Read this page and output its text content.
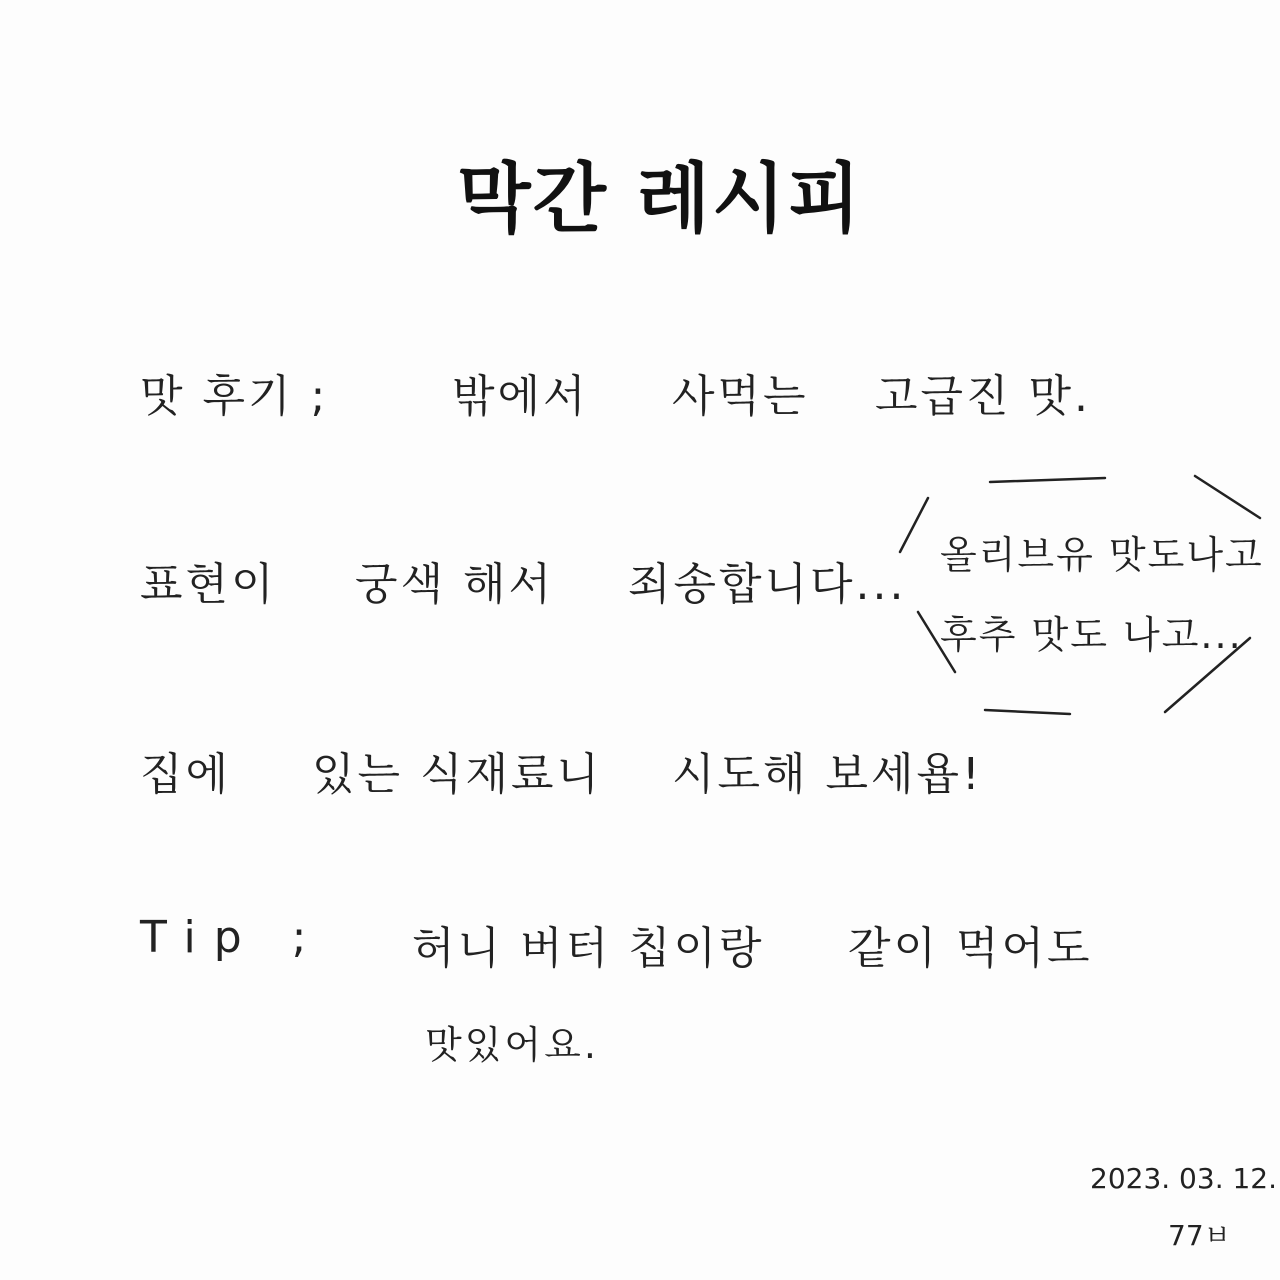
막간 레시피
맛 후기 ;	밖에서 사먹는 고급진 맛.
표현이 궁색 해서 죄송합니다...
올리브유 맛도나고
후추 맛도 나고...
집에 있는 식재료니 시도해 보세욥!
Tip ; 허니 버터 칩이랑 같이 먹어도
맛있어요.
2023. 03. 12.
77ㅂ
